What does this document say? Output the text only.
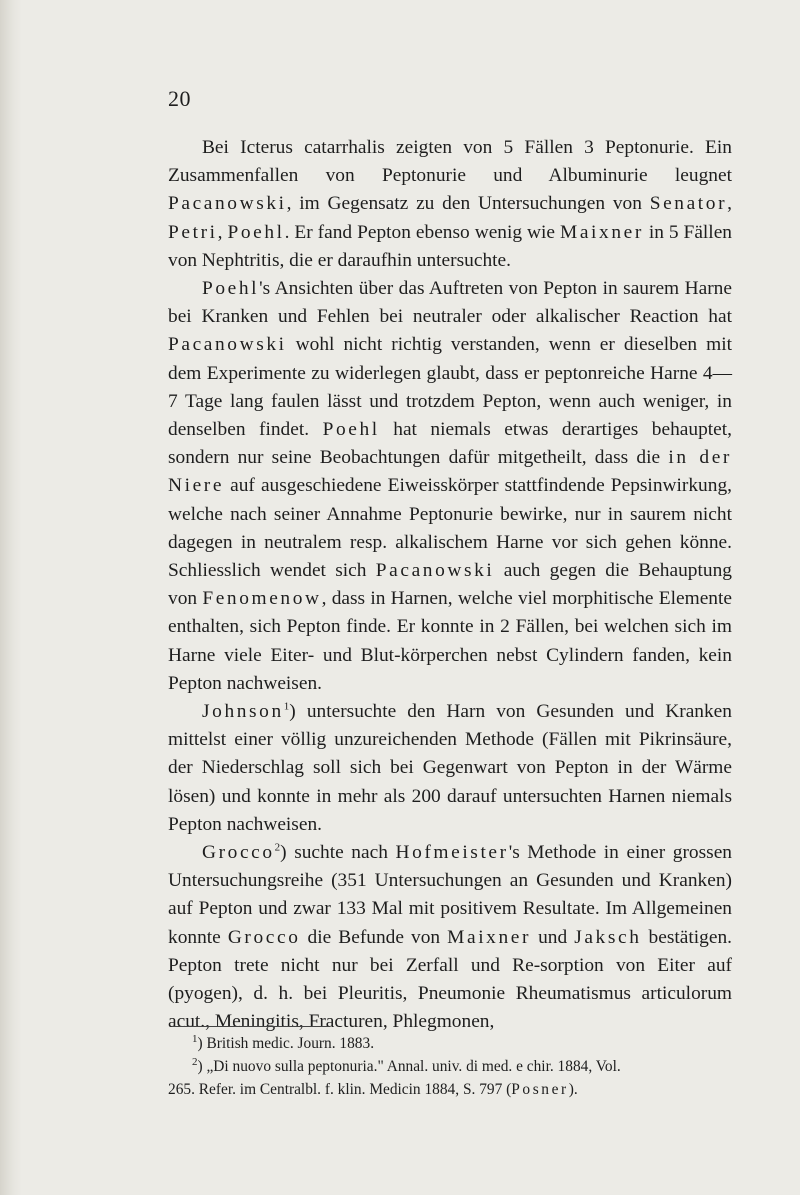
20

Bei Icterus catarrhalis zeigten von 5 Fällen 3 Peptonurie. Ein Zusammenfallen von Peptonurie und Albuminurie leugnet Pacanowski, im Gegensatz zu den Untersuchungen von Senator, Petri, Poehl. Er fand Pepton ebenso wenig wie Maixner in 5 Fällen von Nephtritis, die er daraufhin untersuchte.

Poehl's Ansichten über das Auftreten von Pepton in saurem Harne bei Kranken und Fehlen bei neutraler oder alkalischer Reaction hat Pacanowski wohl nicht richtig verstanden, wenn er dieselben mit dem Experimente zu widerlegen glaubt, dass er peptonreiche Harne 4—7 Tage lang faulen lässt und trotzdem Pepton, wenn auch weniger, in denselben findet. Poehl hat niemals etwas derartiges behauptet, sondern nur seine Beobachtungen dafür mitgetheilt, dass die in der Niere auf ausgeschiedene Eiweisskörper stattfindende Pepsinwirkung, welche nach seiner Annahme Peptonurie bewirke, nur in saurem nicht dagegen in neutralem resp. alkalischem Harne vor sich gehen könne. Schliesslich wendet sich Pacanowski auch gegen die Behauptung von Fenomenow, dass in Harnen, welche viel morphitische Elemente enthalten, sich Pepton finde. Er konnte in 2 Fällen, bei welchen sich im Harne viele Eiter- und Blut-körperchen nebst Cylindern fanden, kein Pepton nachweisen.

Johnson$^1$) untersuchte den Harn von Gesunden und Kranken mittelst einer völlig unzureichenden Methode (Fällen mit Pikrinsäure, der Niederschlag soll sich bei Gegenwart von Pepton in der Wärme lösen) und konnte in mehr als 200 darauf untersuchten Harnen niemals Pepton nachweisen.

Grocco$^2$) suchte nach Hofmeister's Methode in einer grossen Untersuchungsreihe (351 Untersuchungen an Gesunden und Kranken) auf Pepton und zwar 133 Mal mit positivem Resultate. Im Allgemeinen konnte Grocco die Befunde von Maixner und Jaksch bestätigen. Pepton trete nicht nur bei Zerfall und Re-sorption von Eiter auf (pyogen), d. h. bei Pleuritis, Pneumonie Rheumatismus articulorum acut., Meningitis, Fracturen, Phlegmonen,

$^1$) British medic. Journ. 1883.

$^2$) „Di nuovo sulla peptonuria." Annal. univ. di med. e chir. 1884, Vol.

265. Refer. im Centralbl. f. klin. Medicin 1884, S. 797 (Posner).
